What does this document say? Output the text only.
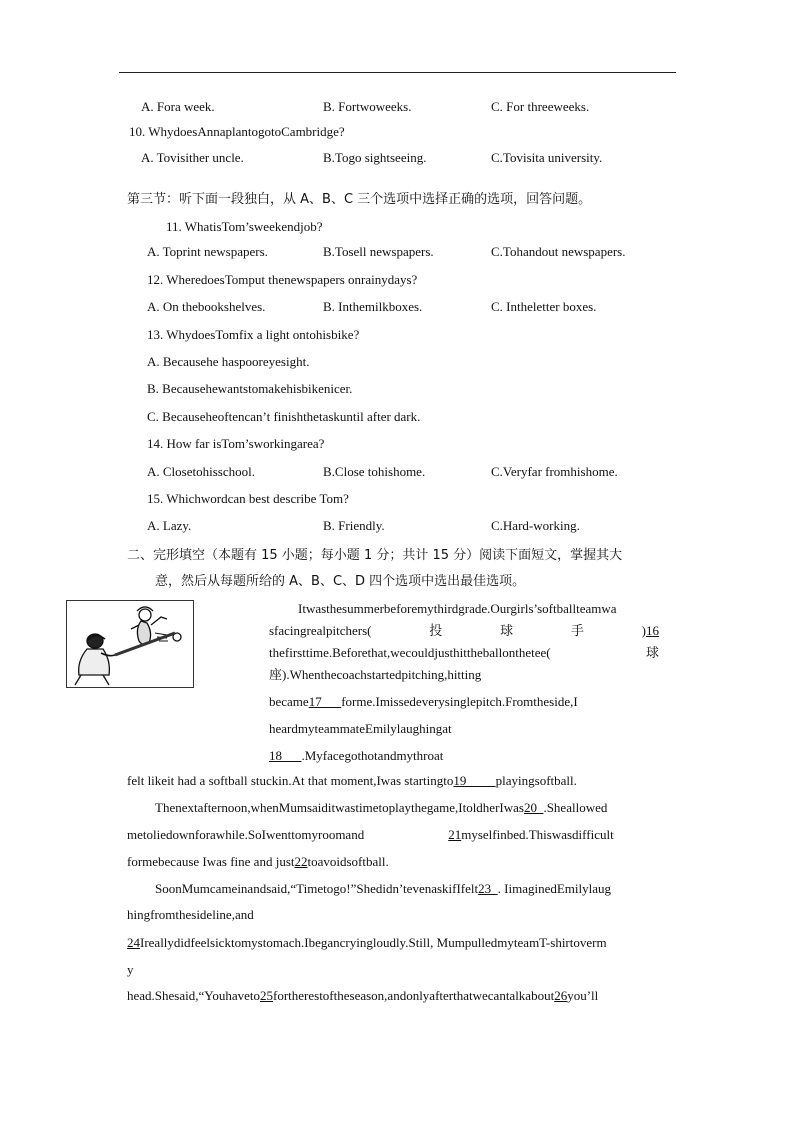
A. Fora week.	B. Fortwoweeks.	C. For threeweeks.
10. WhydoesAnnaplantogotoCambridge?
A. Tovisither uncle.	B.Togo sightseeing.	C.Tovisita university.
第三节：听下面一段独白，从 A、B、C 三个选项中选择正确的选项，回答问题。
11. WhatisTom’sweekendjob?
A. Toprint newspapers.	B.Tosell newspapers.	C.Tohandout newspapers.
12. WheredoesTomput thenewspapers onrainydays?
A. On thebookshelves.	B. Inthemilkboxes.	C. Intheletter boxes.
13. WhydoesTomfix a light ontohisbike?
A. Becausehe haspooreyesight.
B. Becausehewantstomakehisbikenicer.
C. Becauseheoftencan’t finishthetaskuntil after dark.
14. How far isTom’sworkingarea?
A. Closetohisschool.	B.Close tohishome.	C.Veryfar fromhishome.
15. Whichwordcan best describe Tom?
A. Lazy.	B. Friendly.	C.Hard-working.
二、完形填空（本题有 15 小题；每小题 1 分；共计 15 分）阅读下面短文，掌握其大
意，然后从每题所给的 A、B、C、D 四个选项中选出最佳选项。
Itwasthesummerbeforemythirdgrade.Ourgirls’softballteamwa
sfacingrealpitchers(	投	球	手	)16
thefirsttime.Beforethat,wecouldjusthittheballonthetee(	球
座).Whenthecoachstartedpitching,hitting
became17      forme.Imissedeverysinglepitch.Fromtheside,I
heardmyteammateEmilylaughingat
18      .Myfacegothotandmythroat
felt likeit had a softball stuckin.At that moment,Iwas startingto19         playingsoftball.
Thenextafternoon,whenMumsaiditwastimetoplaythegame,ItoldherIwas20  .Sheallowed
metoliedownforawhile.SoIwenttomyroomand	21myselfinbed.Thiswasdifficult
formebecause Iwas fine and just22toavoidsoftball.
SoonMumcameinandsaid,“Timetogo!”Shedidn’tevenaskifIfelt23  . IimaginedEmilylaug
hingfromthesideline,and
24Ireallydidfeelsicktomystomach.Ibegancryingloudly.Still, MumpulledmyteamT-shirtoverm
y
head.Shesaid,“Youhaveto25fortherestoftheseason,andonlyafterthatwecantalkabout26you’ll
